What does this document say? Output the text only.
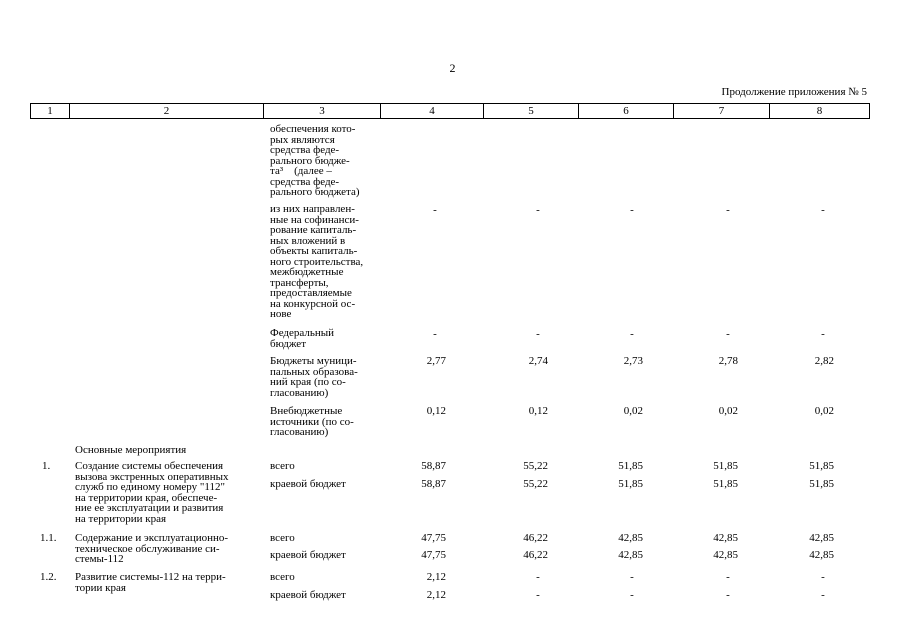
2
Продолжение приложения № 5
1	2	3	4	5	6	7	8
обеспечения кото-
рых являются
средства феде-
рального бюдже-
та³    (далее –
средства феде-
рального бюджета)
из них направлен-
ные на софинанси-
рование капиталь-
ных вложений в
объекты капиталь-
ного строительства,
межбюджетные
трансферты,
предоставляемые
на конкурсной ос-
нове
-	-	-	-	-
Федеральный
бюджет
-	-	-	-	-
Бюджеты муници-
пальных образова-
ний края (по со-
гласованию)
2,77	2,74	2,73	2,78	2,82
Внебюджетные
источники (по со-
гласованию)
0,12	0,12	0,02	0,02	0,02
Основные мероприятия
1. Создание системы обеспечения
вызова экстренных оперативных
служб по единому номеру "112"
на территории края, обеспече-
ние ее эксплуатации и развития
на территории края
всего	58,87	55,22	51,85	51,85	51,85
краевой бюджет	58,87	55,22	51,85	51,85	51,85
1.1. Содержание и эксплуатационно-
техническое обслуживание си-
стемы-112
всего	47,75	46,22	42,85	42,85	42,85
краевой бюджет	47,75	46,22	42,85	42,85	42,85
1.2. Развитие системы-112 на терри-
тории края
всего	2,12	-	-	-	-
краевой бюджет	2,12	-	-	-	-
